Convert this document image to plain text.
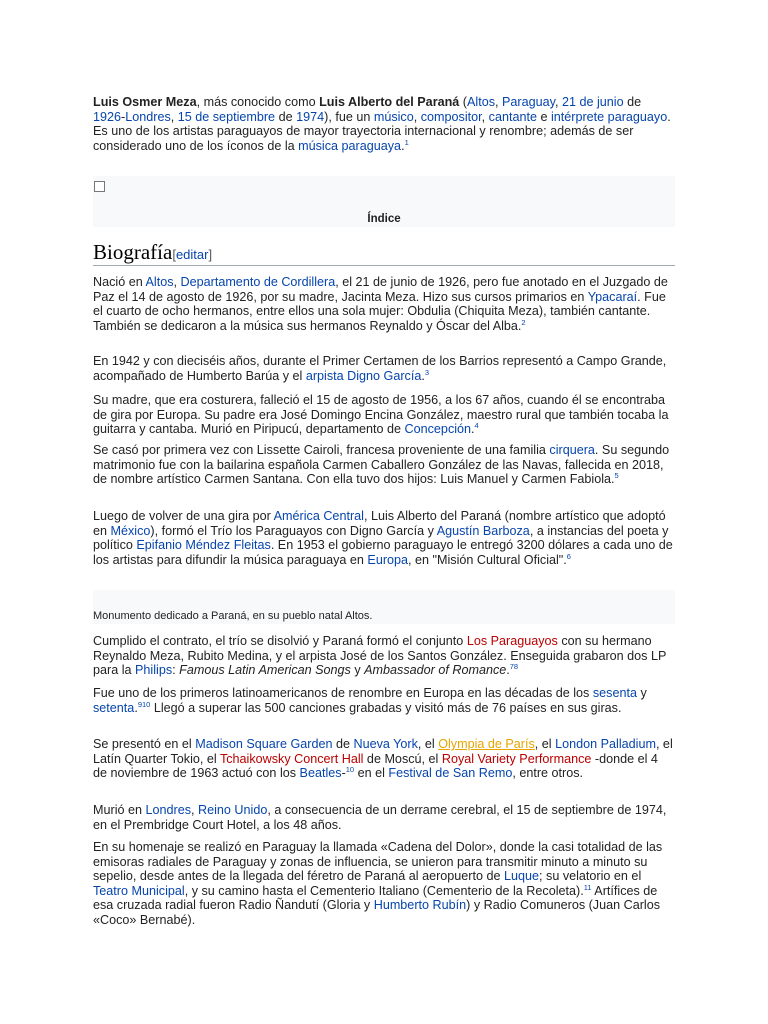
Luis Osmer Meza, más conocido como Luis Alberto del Paraná (Altos, Paraguay, 21 de junio de 1926-Londres, 15 de septiembre de 1974), fue un músico, compositor, cantante e intérprete paraguayo. Es uno de los artistas paraguayos de mayor trayectoria internacional y renombre; además de ser considerado uno de los íconos de la música paraguaya.$^1$

Índice
Biografía[editar]

Nació en Altos, Departamento de Cordillera, el 21 de junio de 1926, pero fue anotado en el Juzgado de Paz el 14 de agosto de 1926, por su madre, Jacinta Meza. Hizo sus cursos primarios en Ypacaraí. Fue el cuarto de ocho hermanos, entre ellos una sola mujer: Obdulia (Chiquita Meza), también cantante. También se dedicaron a la música sus hermanos Reynaldo y Óscar del Alba.$^2$

En 1942 y con dieciséis años, durante el Primer Certamen de los Barrios representó a Campo Grande, acompañado de Humberto Barúa y el arpista Digno García.$^3$

Su madre, que era costurera, falleció el 15 de agosto de 1956, a los 67 años, cuando él se encontraba de gira por Europa. Su padre era José Domingo Encina González, maestro rural que también tocaba la guitarra y cantaba. Murió en Piripucú, departamento de Concepción.$^4$

Se casó por primera vez con Lissette Cairoli, francesa proveniente de una familia cirquera. Su segundo matrimonio fue con la bailarina española Carmen Caballero González de las Navas, fallecida en 2018, de nombre artístico Carmen Santana. Con ella tuvo dos hijos: Luis Manuel y Carmen Fabiola.$^5$

Luego de volver de una gira por América Central, Luis Alberto del Paraná (nombre artístico que adoptó en México), formó el Trío los Paraguayos con Digno García y Agustín Barboza, a instancias del poeta y político Epifanio Méndez Fleitas. En 1953 el gobierno paraguayo le entregó 3200 dólares a cada uno de los artistas para difundir la música paraguaya en Europa, en "Misión Cultural Oficial".$^6$

Monumento dedicado a Paraná, en su pueblo natal Altos.

Cumplido el contrato, el trío se disolvió y Paraná formó el conjunto Los Paraguayos con su hermano Reynaldo Meza, Rubito Medina, y el arpista José de los Santos González. Enseguida grabaron dos LP para la Philips: Famous Latin American Songs y Ambassador of Romance.$^{78}$

Fue uno de los primeros latinoamericanos de renombre en Europa en las décadas de los sesenta y setenta.$^{910}$ Llegó a superar las 500 canciones grabadas y visitó más de 76 países en sus giras.

Se presentó en el Madison Square Garden de Nueva York, el Olympia de París, el London Palladium, el Latín Quarter Tokio, el Tchaikowsky Concert Hall de Moscú, el Royal Variety Performance -donde el 4 de noviembre de 1963 actuó con los Beatles-$^{10}$ en el Festival de San Remo, entre otros.

Murió en Londres, Reino Unido, a consecuencia de un derrame cerebral, el 15 de septiembre de 1974, en el Prembridge Court Hotel, a los 48 años.

En su homenaje se realizó en Paraguay la llamada «Cadena del Dolor», donde la casi totalidad de las emisoras radiales de Paraguay y zonas de influencia, se unieron para transmitir minuto a minuto su sepelio, desde antes de la llegada del féretro de Paraná al aeropuerto de Luque; su velatorio en el Teatro Municipal, y su camino hasta el Cementerio Italiano (Cementerio de la Recoleta).$^{11}$ Artífices de esa cruzada radial fueron Radio Ñandutí (Gloria y Humberto Rubín) y Radio Comuneros (Juan Carlos «Coco» Bernabé).
